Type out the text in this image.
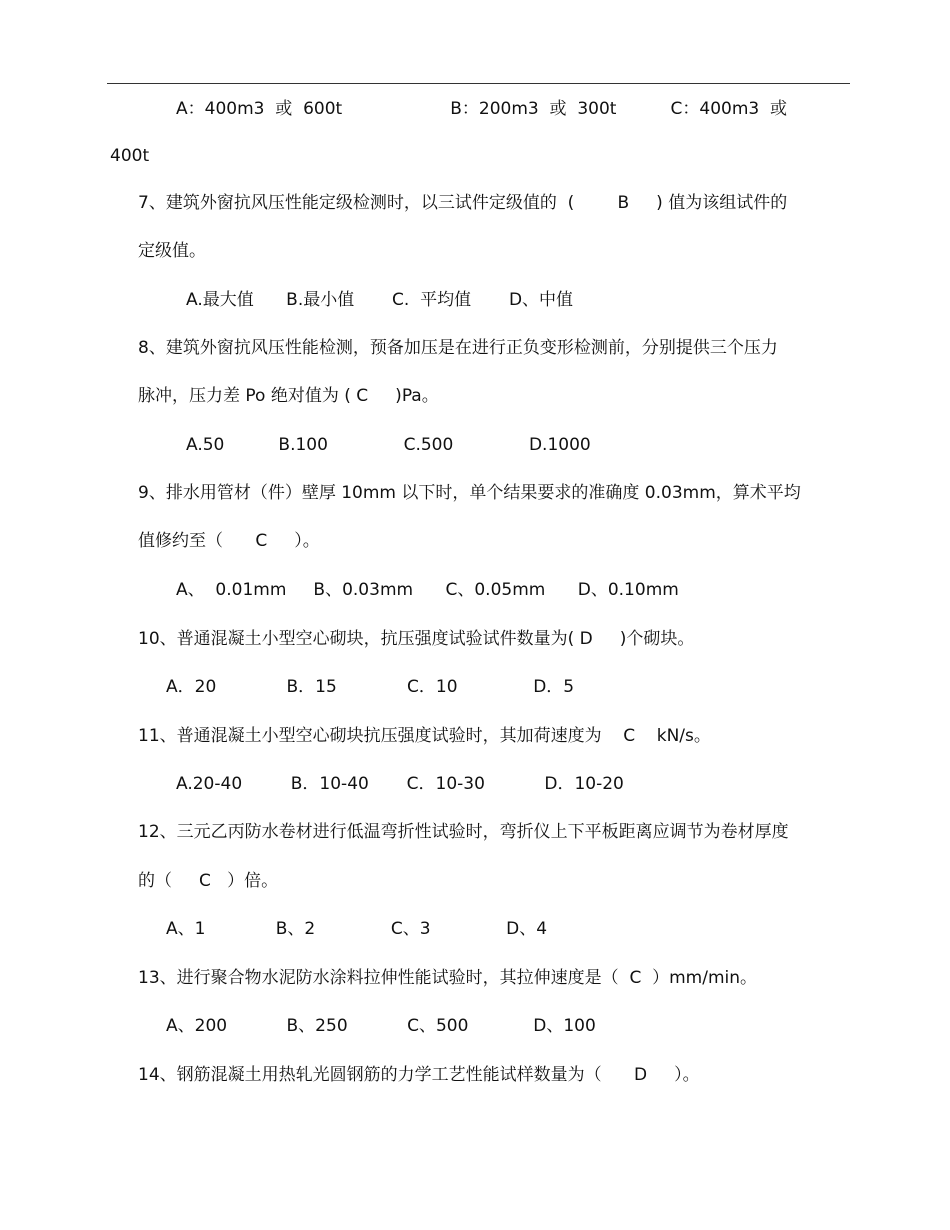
A：400m3  或  600t                    B：200m3  或  300t          C：400m3  或
400t
7、建筑外窗抗风压性能定级检测时，以三试件定级值的  (        B     ) 值为该组试件的
定级值。
A.最大值      B.最小值       C.  平均值       D、中值
8、建筑外窗抗风压性能检测，预备加压是在进行正负变形检测前，分别提供三个压力
脉冲，压力差 Po 绝对值为 ( C     )Pa。
A.50          B.100              C.500              D.1000
9、排水用管材（件）壁厚 10mm 以下时，单个结果要求的准确度 0.03mm，算术平均
值修约至（      C     ）。
A、  0.01mm     B、0.03mm      C、0.05mm      D、0.10mm
10、普通混凝土小型空心砌块，抗压强度试验试件数量为( D     )个砌块。
A．20             B．15             C．10              D．5
11、普通混凝土小型空心砌块抗压强度试验时，其加荷速度为    C    kN/s。
A.20-40         B．10-40       C．10-30           D．10-20
12、三元乙丙防水卷材进行低温弯折性试验时，弯折仪上下平板距离应调节为卷材厚度
的（     C   ）倍。
A、1             B、2              C、3              D、4
13、进行聚合物水泥防水涂料拉伸性能试验时，其拉伸速度是（  C  ）mm/min。
A、200           B、250           C、500            D、100
14、钢筋混凝土用热轧光圆钢筋的力学工艺性能试样数量为（      D     ）。
